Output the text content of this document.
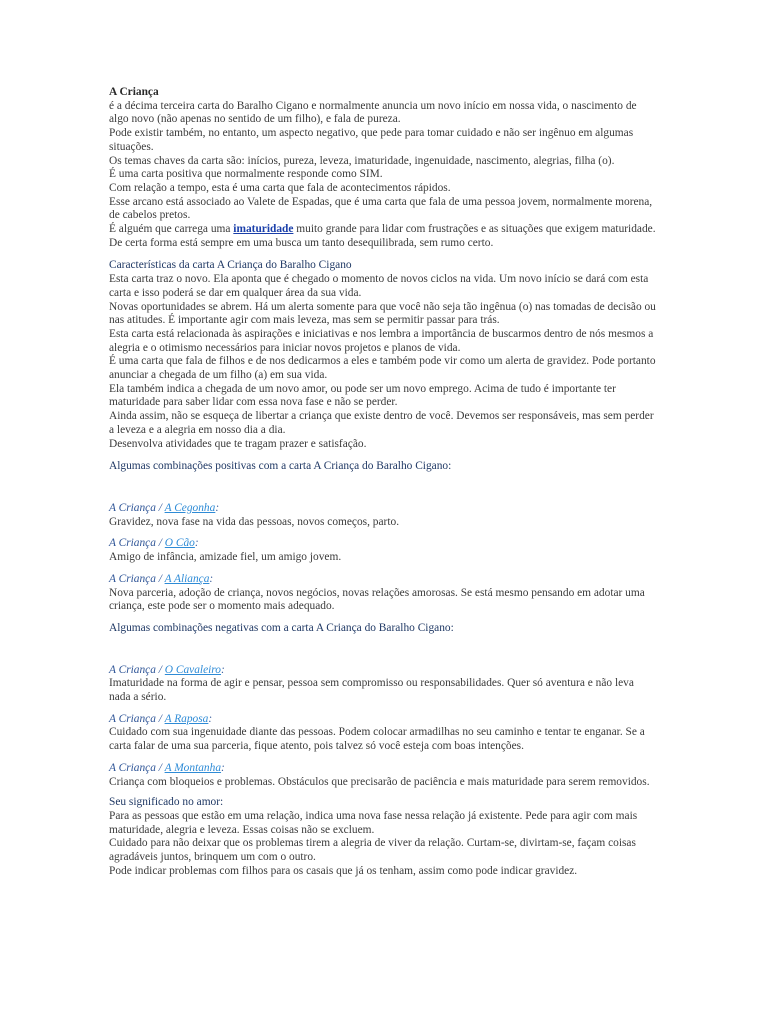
A Criança

é a décima terceira carta do Baralho Cigano e normalmente anuncia um novo início em nossa vida, o nascimento de algo novo (não apenas no sentido de um filho), e fala de pureza.

Pode existir também, no entanto, um aspecto negativo, que pede para tomar cuidado e não ser ingênuo em algumas situações.

Os temas chaves da carta são: inícios, pureza, leveza, imaturidade, ingenuidade, nascimento, alegrias, filha (o).

É uma carta positiva que normalmente responde como SIM.

Com relação a tempo, esta é uma carta que fala de acontecimentos rápidos.

Esse arcano está associado ao Valete de Espadas, que é uma carta que fala de uma pessoa jovem, normalmente morena, de cabelos pretos.

É alguém que carrega uma imaturidade muito grande para lidar com frustrações e as situações que exigem maturidade.

De certa forma está sempre em uma busca um tanto desequilibrada, sem rumo certo.

Características da carta A Criança do Baralho Cigano

Esta carta traz o novo. Ela aponta que é chegado o momento de novos ciclos na vida. Um novo início se dará com esta carta e isso poderá se dar em qualquer área da sua vida.

Novas oportunidades se abrem. Há um alerta somente para que você não seja tão ingênua (o) nas tomadas de decisão ou nas atitudes. É importante agir com mais leveza, mas sem se permitir passar para trás.

Esta carta está relacionada às aspirações e iniciativas e nos lembra a importância de buscarmos dentro de nós mesmos a alegria e o otimismo necessários para iniciar novos projetos e planos de vida.

É uma carta que fala de filhos e de nos dedicarmos a eles e também pode vir como um alerta de gravidez. Pode portanto anunciar a chegada de um filho (a) em sua vida.

Ela também indica a chegada de um novo amor, ou pode ser um novo emprego. Acima de tudo é importante ter maturidade para saber lidar com essa nova fase e não se perder.

Ainda assim, não se esqueça de libertar a criança que existe dentro de você. Devemos ser responsáveis, mas sem perder a leveza e a alegria em nosso dia a dia.

Desenvolva atividades que te tragam prazer e satisfação.

Algumas combinações positivas com a carta A Criança do Baralho Cigano:

A Criança / A Cegonha:

Gravidez, nova fase na vida das pessoas, novos começos, parto.

A Criança / O Cão:

Amigo de infância, amizade fiel, um amigo jovem.

A Criança / A Aliança:

Nova parceria, adoção de criança, novos negócios, novas relações amorosas. Se está mesmo pensando em adotar uma criança, este pode ser o momento mais adequado.

Algumas combinações negativas com a carta A Criança do Baralho Cigano:

A Criança / O Cavaleiro:

Imaturidade na forma de agir e pensar, pessoa sem compromisso ou responsabilidades. Quer só aventura e não leva nada a sério.

A Criança / A Raposa:

Cuidado com sua ingenuidade diante das pessoas. Podem colocar armadilhas no seu caminho e tentar te enganar. Se a carta falar de uma sua parceria, fique atento, pois talvez só você esteja com boas intenções.

A Criança / A Montanha:

Criança com bloqueios e problemas. Obstáculos que precisarão de paciência e mais maturidade para serem removidos.

Seu significado no amor:

Para as pessoas que estão em uma relação, indica uma nova fase nessa relação já existente. Pede para agir com mais maturidade, alegria e leveza. Essas coisas não se excluem.

Cuidado para não deixar que os problemas tirem a alegria de viver da relação. Curtam-se, divirtam-se, façam coisas agradáveis juntos, brinquem um com o outro.

Pode indicar problemas com filhos para os casais que já os tenham, assim como pode indicar gravidez.
